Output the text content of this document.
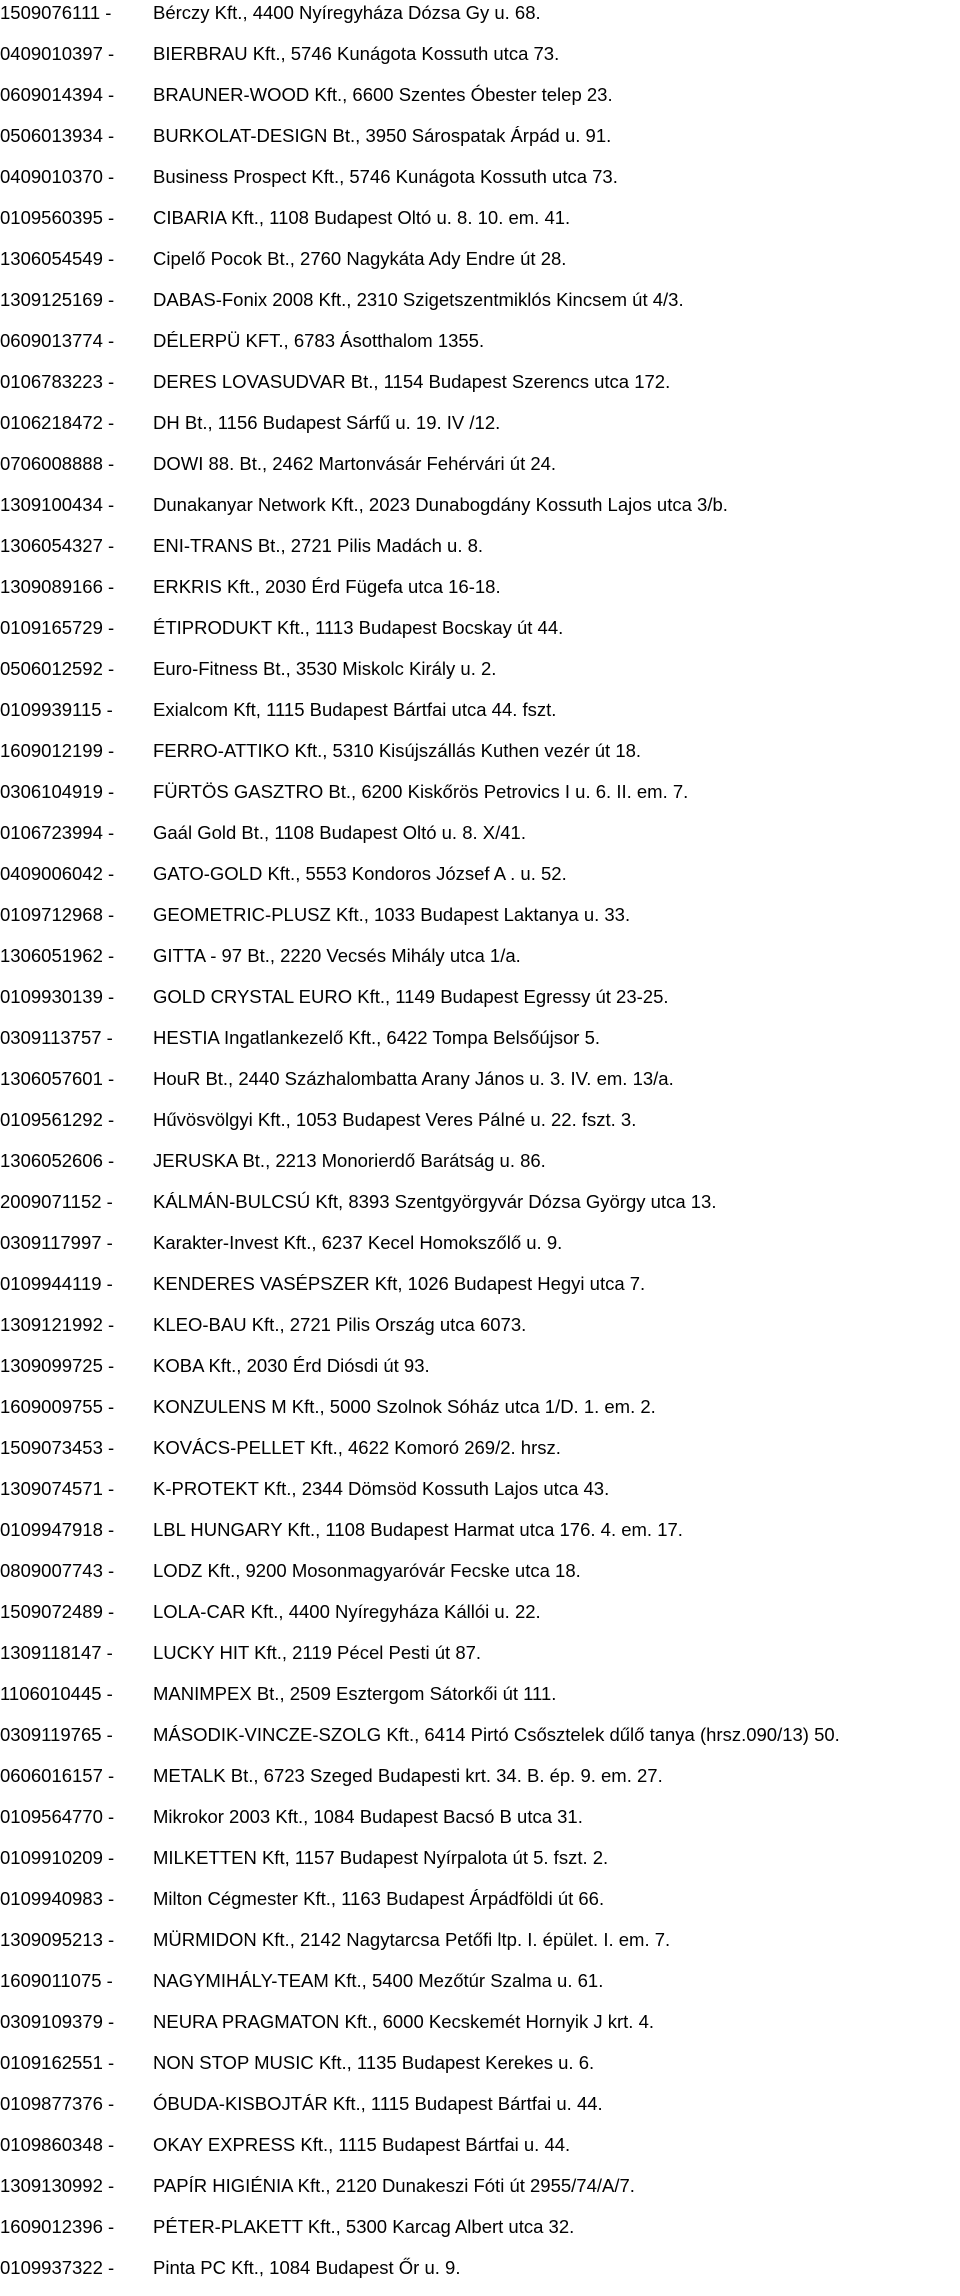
1509076111 -	Bérczy Kft., 4400 Nyíregyháza Dózsa Gy u. 68.
0409010397 -	BIERBRAU Kft., 5746 Kunágota Kossuth utca 73.
0609014394 -	BRAUNER-WOOD Kft., 6600 Szentes Óbester telep 23.
0506013934 -	BURKOLAT-DESIGN Bt., 3950 Sárospatak Árpád u. 91.
0409010370 -	Business Prospect Kft., 5746 Kunágota Kossuth utca 73.
0109560395 -	CIBARIA Kft., 1108 Budapest Oltó u. 8. 10. em. 41.
1306054549 -	Cipelő Pocok Bt., 2760 Nagykáta Ady Endre út 28.
1309125169 -	DABAS-Fonix 2008 Kft., 2310 Szigetszentmiklós Kincsem út 4/3.
0609013774 -	DÉLERPÜ KFT., 6783 Ásotthalom 1355.
0106783223 -	DERES LOVASUDVAR Bt., 1154 Budapest Szerencs utca 172.
0106218472 -	DH Bt., 1156 Budapest Sárfű u. 19. IV /12.
0706008888 -	DOWI 88. Bt., 2462 Martonvásár Fehérvári út 24.
1309100434 -	Dunakanyar Network Kft., 2023 Dunabogdány Kossuth Lajos utca 3/b.
1306054327 -	ENI-TRANS Bt., 2721 Pilis Madách u. 8.
1309089166 -	ERKRIS Kft., 2030 Érd Fügefa utca 16-18.
0109165729 -	ÉTIPRODUKT Kft., 1113 Budapest Bocskay út 44.
0506012592 -	Euro-Fitness Bt., 3530 Miskolc Király u. 2.
0109939115 -	Exialcom Kft, 1115 Budapest Bártfai utca 44. fszt.
1609012199 -	FERRO-ATTIKO Kft., 5310 Kisújszállás Kuthen vezér út 18.
0306104919 -	FÜRTÖS GASZTRO Bt., 6200 Kiskőrös Petrovics I u. 6. II. em. 7.
0106723994 -	Gaál Gold Bt., 1108 Budapest Oltó u. 8. X/41.
0409006042 -	GATO-GOLD Kft., 5553 Kondoros József A . u. 52.
0109712968 -	GEOMETRIC-PLUSZ Kft., 1033 Budapest Laktanya u. 33.
1306051962 -	GITTA - 97 Bt., 2220 Vecsés Mihály utca 1/a.
0109930139 -	GOLD CRYSTAL EURO Kft., 1149 Budapest Egressy út 23-25.
0309113757 -	HESTIA Ingatlankezelő Kft., 6422 Tompa Belsőújsor 5.
1306057601 -	HouR Bt., 2440 Százhalombatta Arany János u. 3. IV. em. 13/a.
0109561292 -	Hűvösvölgyi Kft., 1053 Budapest Veres Pálné u. 22. fszt. 3.
1306052606 -	JERUSKA Bt., 2213 Monorierdő Barátság u. 86.
2009071152 -	KÁLMÁN-BULCSÚ Kft, 8393 Szentgyörgyvár Dózsa György utca 13.
0309117997 -	Karakter-Invest Kft., 6237 Kecel Homokszőlő u. 9.
0109944119 -	KENDERES VASÉPSZER Kft, 1026 Budapest Hegyi utca 7.
1309121992 -	KLEO-BAU Kft., 2721 Pilis Ország utca 6073.
1309099725 -	KOBA Kft., 2030 Érd Diósdi út 93.
1609009755 -	KONZULENS M Kft., 5000 Szolnok Sóház utca 1/D. 1. em. 2.
1509073453 -	KOVÁCS-PELLET Kft., 4622 Komoró 269/2. hrsz.
1309074571 -	K-PROTEKT Kft., 2344 Dömsöd Kossuth Lajos utca 43.
0109947918 -	LBL HUNGARY Kft., 1108 Budapest Harmat utca 176. 4. em. 17.
0809007743 -	LODZ Kft., 9200 Mosonmagyaróvár Fecske utca 18.
1509072489 -	LOLA-CAR Kft., 4400 Nyíregyháza Kállói u. 22.
1309118147 -	LUCKY HIT Kft., 2119 Pécel Pesti út 87.
1106010445 -	MANIMPEX Bt., 2509 Esztergom Sátorkői út 111.
0309119765 -	MÁSODIK-VINCZE-SZOLG Kft., 6414 Pirtó Csősztelek dűlő tanya (hrsz.090/13) 50.
0606016157 -	METALK Bt., 6723 Szeged Budapesti krt. 34. B. ép. 9. em. 27.
0109564770 -	Mikrokor 2003 Kft., 1084 Budapest Bacsó B utca 31.
0109910209 -	MILKETTEN Kft, 1157 Budapest Nyírpalota út 5. fszt. 2.
0109940983 -	Milton Cégmester Kft., 1163 Budapest Árpádföldi út 66.
1309095213 -	MÜRMIDON Kft., 2142 Nagytarcsa Petőfi ltp. I. épület. I. em. 7.
1609011075 -	NAGYMIHÁLY-TEAM Kft., 5400 Mezőtúr Szalma u. 61.
0309109379 -	NEURA PRAGMATON Kft., 6000 Kecskemét Hornyik J krt. 4.
0109162551 -	NON STOP MUSIC Kft., 1135 Budapest Kerekes u. 6.
0109877376 -	ÓBUDA-KISBOJTÁR Kft., 1115 Budapest Bártfai u. 44.
0109860348 -	OKAY EXPRESS Kft., 1115 Budapest Bártfai u. 44.
1309130992 -	PAPÍR HIGIÉNIA Kft., 2120 Dunakeszi Fóti út 2955/74/A/7.
1609012396 -	PÉTER-PLAKETT Kft., 5300 Karcag Albert utca 32.
0109937322 -	Pinta PC Kft., 1084 Budapest Őr u. 9.
